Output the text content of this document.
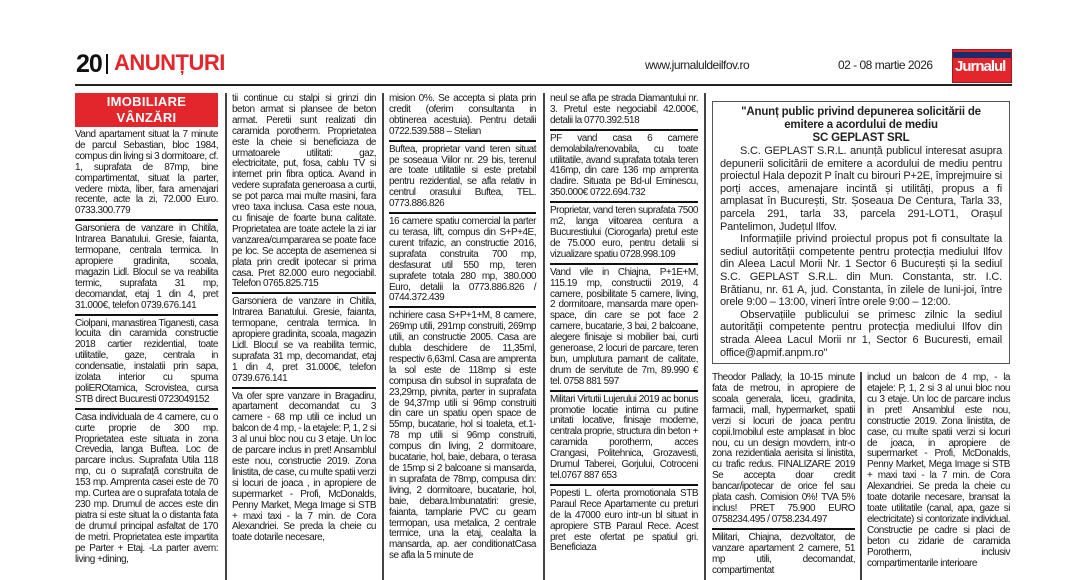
20 ANUNȚURI	www.jurnaluldeilfov.ro	02 - 08 martie 2026 Jurnalul
IMOBILIARE
VÂNZĂRI
Vand apartament situat la 7 minute de parcul Sebastian, bloc 1984, compus din living si 3 dormitoare, cf. 1, suprafata de 87mp, bine compartimentat, situat la parter, vedere mixta, liber, fara amenajari recente, acte la zi, 72.000 Euro. 0733.300.779
Garsoniera de vanzare in Chitila, Intrarea Banatului. Gresie, faianta, termopane, centrala termica. In apropiere gradinita, scoala, magazin Lidl. Blocul se va reabilita termic, suprafata 31 mp, decomandat, etaj 1 din 4, pret 31.000€, telefon 0739.676.141
Ciolpani, manastirea Tiganesti, casa locuita din caramida constructie 2018 cartier rezidential, toate utilitatile, gaze, centrala in condensatie, instalatii prin sapa, izolata interior cu spuma poliEROtamica, Scrovistea, cursa STB direct Bucuresti 0723049152
Casa individuala de 4 camere, cu o curte proprie de 300 mp. Proprietatea este situata in zona Crevedia, langa Buftea. Loc de parcare inclus. Suprafata Utila 118 mp, cu o suprafață construita de 153 mp. Amprenta casei este de 70 mp. Curtea are o suprafata totala de 230 mp. Drumul de acces este din piatra si este situat la o distanta fata de drumul principal asfaltat de 170 de metri. Proprietatea este impartita pe Parter + Etaj. -La parter avem: living +dining,
tii continue cu stalpi si grinzi din beton armat si plansee de beton armat. Peretii sunt realizati din caramida porotherm. Proprietatea este la cheie si beneficiaza de urmatoarele utilitati: gaz, electricitate, put, fosa, cablu TV si internet prin fibra optica. Avand in vedere suprafata generoasa a curtii, se pot parca mai multe masini, fara vreo taxa inclusa. Casa este noua, cu finisaje de foarte buna calitate. Proprietatea are toate actele la zi iar vanzarea/cumpararea se poate face pe loc. Se accepta de asemenea si plata prin credit ipotecar si prima casa. Pret 82.000 euro negociabil. Telefon 0765.825.715
Garsoniera de vanzare in Chitila, Intrarea Banatului. Gresie, faianta, termopane, centrala termica. In apropiere gradinita, scoala, magazin Lidl. Blocul se va reabilita termic, suprafata 31 mp, decomandat, etaj 1 din 4, pret 31.000€, telefon 0739.676.141
Va ofer spre vanzare in Bragadiru, apartament decomandat cu 3 camere - 68 mp utili ce includ un balcon de 4 mp, - la etajele: P, 1, 2 si 3 al unui bloc nou cu 3 etaje. Un loc de parcare inclus in pret! Ansamblul este nou, constructie 2019. Zona linistita, de case, cu multe spatii verzi si locuri de joaca , in apropiere de supermarket - Profi, McDonalds, Penny Market, Mega Image si STB + maxi taxi - la 7 min. de Cora Alexandriei. Se preda la cheie cu toate dotarile necesare,
mision 0%. Se accepta si plata prin credit (oferim consultanta in obtinerea acestuia). Pentru detalii 0722.539.588 – Stelian
Buftea, proprietar vand teren situat pe soseaua Viilor nr. 29 bis, terenul are toate utilitatile si este pretabil pentru rezidential, se afla relativ in centrul orasului Buftea, TEL. 0773.886.826
16 camere spatiu comercial la parter cu terasa, lift, compus din S+P+4E, curent trifazic, an constructie 2016, suprafata construita 700 mp, desfasurat util 550 mp, teren suprafete totala 280 mp, 380.000 Euro, detalii la 0773.886.826 / 0744.372.439
nchiriere casa S+P+1+M, 8 camere, 269mp utili, 291mp construiti, 269mp utili, an constructie 2005. Casa are dubla deschidere de 11,35ml, respectiv 6,63ml. Casa are amprenta la sol este de 118mp si este compusa din subsol in suprafata de 23,29mp, pivnita, parter in suprafata de 94,37mp utili si 96mp construiti din care un spatiu open space de 55mp, bucatarie, hol si toaleta, et.1- 78 mp utili si 96mp construiti, compus din living, 2 dormitoare, bucatarie, hol, baie, debara, o terasa de 15mp si 2 balcoane si mansarda, in suprafata de 78mp, compusa din: living, 2 dormitoare, bucatarie, hol, baie, debara.Imbunatatiri: gresie, faianta, tamplarie PVC cu geam termopan, usa metalica, 2 centrale termice, una la etaj, cealalta la mansarda, ap. aer conditionatCasa se afla la 5 minute de
neul se afla pe strada Diamantului nr. 3. Pretul este negociabil 42.000€, detalii la 0770.392.518
PF vand casa 6 camere demolabila/renovabila, cu toate utilitatile, avand suprafata totala teren 416mp, din care 136 mp amprenta cladire. Situata pe Bd-ul Eminescu, 350.000€ 0722.694.732
Proprietar, vand teren suprafata 7500 m2, langa viitoarea centura a Bucurestiului (Ciorogarla) pretul este de 75.000 euro, pentru detalii si vizualizare spatiu 0728.998.109
Vand vile in Chiajna, P+1E+M, 115.19 mp, constructii 2019, 4 camere, posibilitate 5 camere, living, 2 dormitoare, mansarda mare open-space, din care se pot face 2 camere, bucatarie, 3 bai, 2 balcoane, alegere finisaje si mobilier bai, curti generoase, 2 locuri de parcare, teren bun, umplutura pamant de calitate, drum de servitute de 7m, 89.990 € tel. 0758 881 597
Militari Virtutii Lujerului 2019 ac bonus promotie locatie intima cu putine unitati locative, finisaje moderne, centrala proprie, structura din beton + caramida porotherm, acces Crangasi, Politehnica, Grozavesti, Drumul Taberei, Gorjului, Cotroceni tel.0767 887 653
Popesti L. oferta promotionala STB Paraul Rece Apartamente cu preturi de la 47000 euro intr-un bl situat in apropiere STB Paraul Rece. Acest pret este ofertat pe spatiul gri. Beneficiaza
"Anunț public privind depunerea solicitării de
emitere a acordului de mediu
SC GEPLAST SRL

S.C. GEPLAST S.R.L. anunță publicul interesat asupra depunerii solicitării de emitere a acordului de mediu pentru proiectul Hala depozit P înalt cu birouri P+2E, împrejmuire si porți acces, amenajare incintă și utilități, propus a fi amplasat în București, Str. Șoseaua De Centura, Tarla 33, parcela 291, tarla 33, parcela 291-LOT1, Orașul Pantelimon, Județul Ilfov.

Informațiile privind proiectul propus pot fi consultate la sediul autorității competente pentru protecția mediului Ilfov din Aleea Lacul Morii Nr. 1 Sector 6 București și la sediul S.C. GEPLAST S.R.L. din Mun. Constanta, str. I.C. Brătianu, nr. 61 A, jud. Constanta, în zilele de luni-joi, între orele 9:00 – 13:00, vineri între orele 9:00 – 12:00.

Observațiile publicului se primesc zilnic la sediul autorității competente pentru protecția mediului Ilfov din strada Aleea Lacul Morii nr 1, Sector 6 Bucuresti, email office@apmif.anpm.ro"

Theodor Pallady, la 10-15 minute fata de metrou, in apropiere de scoala generala, liceu, gradinita, farmacii, mall, hypermarket, spatii verzi si locuri de joaca pentru copii.Imobilul este amplasat in bloc nou, cu un design movdern, intr-o zona rezidentiala aerisita si linistita, cu trafic redus. FINALIZARE 2019 Se accepta doar credit bancar/ipotecar de orice fel sau plata cash. Comision 0%! TVA 5% inclus! PRET 75.900 EURO 0758234.495 / 0758.234.497
Militari, Chiajna, dezvoltator, de vanzare apartament 2 camere, 51 mp utili, decomandat, compartimentat
includ un balcon de 4 mp, - la etajele: P, 1, 2 si 3 al unui bloc nou cu 3 etaje. Un loc de parcare inclus in pret! Ansamblul este nou, constructie 2019. Zona linistita, de case, cu multe spatii verzi si locuri de joaca, in apropiere de supermarket - Profi, McDonalds, Penny Market, Mega Image si STB + maxi taxi - la 7 min. de Cora Alexandriei. Se preda la cheie cu toate dotarile necesare, bransat la toate utilitatile (canal, apa, gaze si electricitate) si contorizate individual. Constructie pe cadre si placi de beton cu zidarie de caramida Porotherm, inclusiv compartimentarile interioare
